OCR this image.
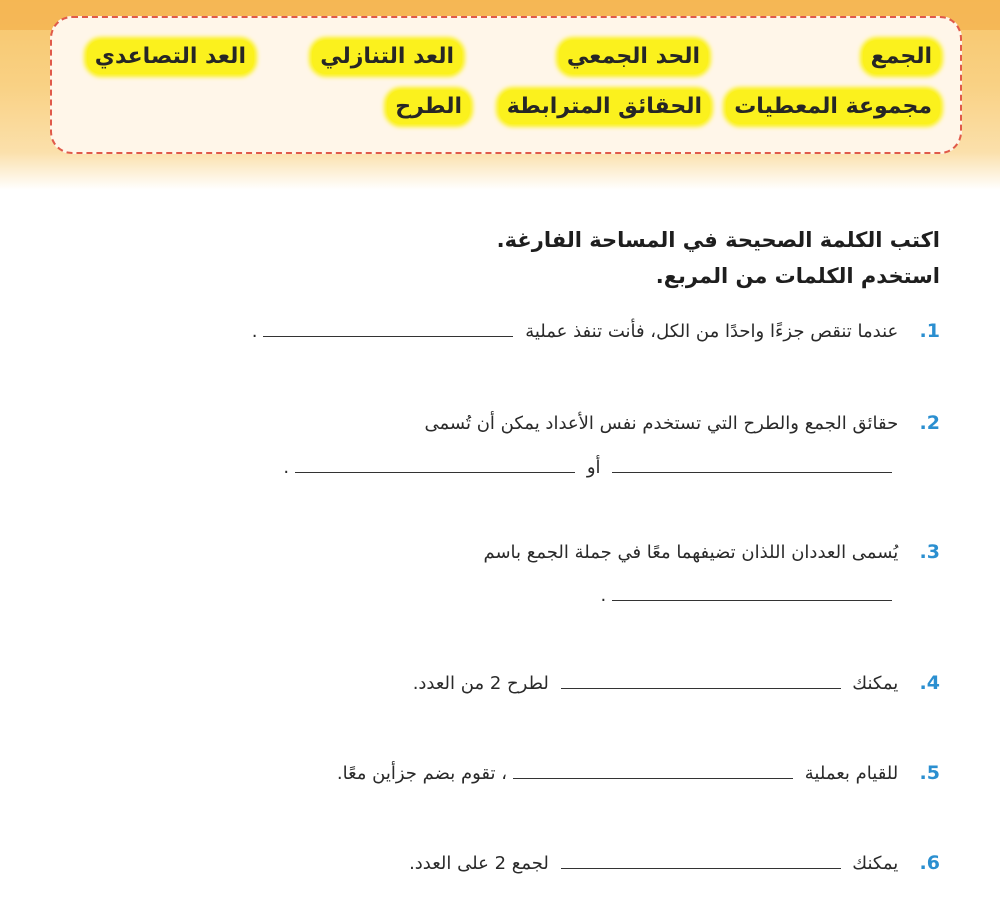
الجمع
الحد الجمعي
العد التنازلي
العد التصاعدي
مجموعة المعطيات
الحقائق المترابطة
الطرح
اكتب الكلمة الصحيحة في المساحة الفارغة.
استخدم الكلمات من المربع.
1. عندما تنقص جزءًا واحدًا من الكل، فأنت تنفذ عملية .
2. حقائق الجمع والطرح التي تستخدم نفس الأعداد يمكن أن تُسمى
أو .
3. يُسمى العددان اللذان تضيفهما معًا في جملة الجمع باسم
.
4. يمكنك  لطرح 2 من العدد.
5. للقيام بعملية ، تقوم بضم جزأين معًا.
6. يمكنك  لجمع 2 على العدد.
